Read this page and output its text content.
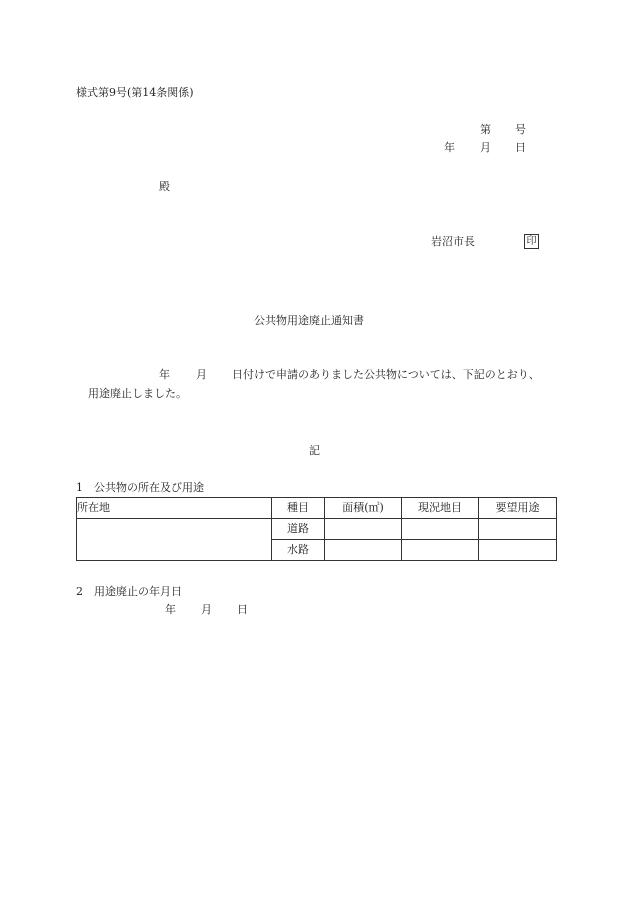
様式第9号(第14条関係)
第 号
年 月 日
殿
岩沼市長	印
公共物用途廃止通知書
年 月 日付けで申請のありました公共物については、下記のとおり、
用途廃止しました。
記
1　公共物の所在及び用途
所在地	種目	面積(㎡)	現況地目	要望用途
	道路			
	水路			
2　用途廃止の年月日
年 月 日
